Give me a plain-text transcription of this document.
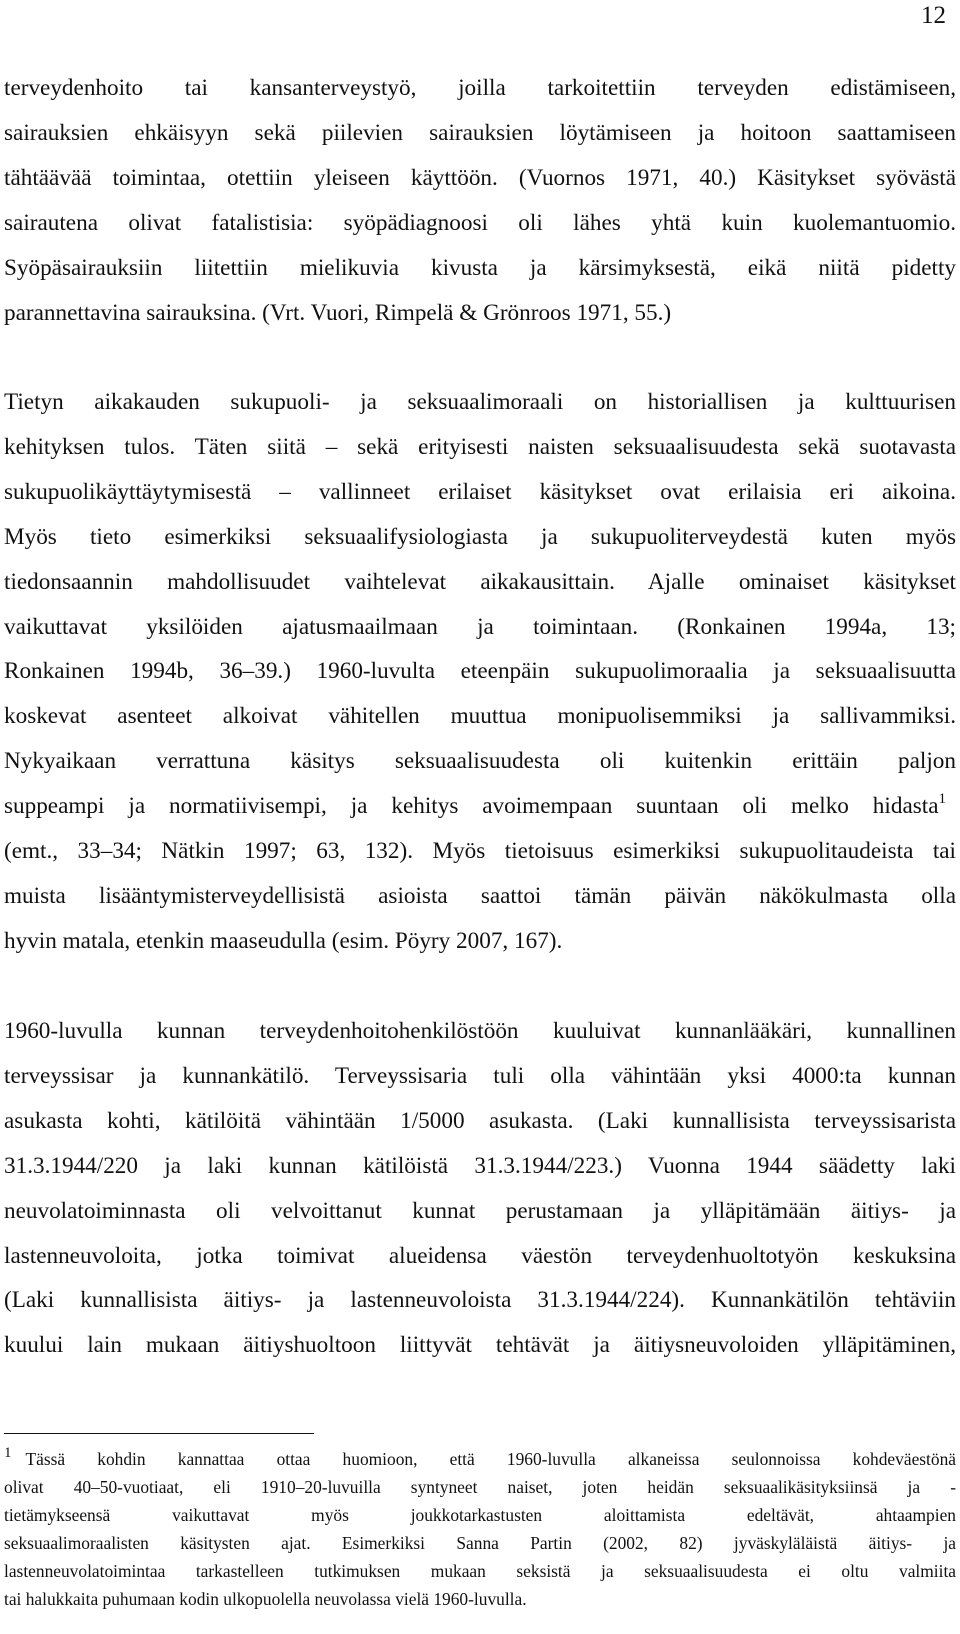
12
terveydenhoito tai kansanterveystyö, joilla tarkoitettiin terveyden edistämiseen,
sairauksien ehkäisyyn sekä piilevien sairauksien löytämiseen ja hoitoon saattamiseen
tähtäävää toimintaa, otettiin yleiseen käyttöön. (Vuornos 1971, 40.) Käsitykset syövästä
sairautena olivat fatalistisia: syöpädiagnoosi oli lähes yhtä kuin kuolemantuomio.
Syöpäsairauksiin liitettiin mielikuvia kivusta ja kärsimyksestä, eikä niitä pidetty
parannettavina sairauksina. (Vrt. Vuori, Rimpelä & Grönroos 1971, 55.)
Tietyn aikakauden sukupuoli- ja seksuaalimoraali on historiallisen ja kulttuurisen
kehityksen tulos. Täten siitä – sekä erityisesti naisten seksuaalisuudesta sekä suotavasta
sukupuolikäyttäytymisestä – vallinneet erilaiset käsitykset ovat erilaisia eri aikoina.
Myös tieto esimerkiksi seksuaalifysiologiasta ja sukupuoliterveydestä kuten myös
tiedonsaannin mahdollisuudet vaihtelevat aikakausittain. Ajalle ominaiset käsitykset
vaikuttavat yksilöiden ajatusmaailmaan ja toimintaan. (Ronkainen 1994a, 13;
Ronkainen 1994b, 36–39.) 1960-luvulta eteenpäin sukupuolimoraalia ja seksuaalisuutta
koskevat asenteet alkoivat vähitellen muuttua monipuolisemmiksi ja sallivammiksi.
Nykyaikaan verrattuna käsitys seksuaalisuudesta oli kuitenkin erittäin paljon
suppeampi ja normatiivisempi, ja kehitys avoimempaan suuntaan oli melko hidasta$^1$
(emt., 33–34; Nätkin 1997; 63, 132). Myös tietoisuus esimerkiksi sukupuolitaudeista tai
muista lisääntymisterveydellisistä asioista saattoi tämän päivän näkökulmasta olla
hyvin matala, etenkin maaseudulla (esim. Pöyry 2007, 167).
1960-luvulla kunnan terveydenhoitohenkilöstöön kuuluivat kunnanlääkäri, kunnallinen
terveyssisar ja kunnankätilö. Terveyssisaria tuli olla vähintään yksi 4000:ta kunnan
asukasta kohti, kätilöitä vähintään 1/5000 asukasta. (Laki kunnallisista terveyssisarista
31.3.1944/220 ja laki kunnan kätilöistä 31.3.1944/223.) Vuonna 1944 säädetty laki
neuvolatoiminnasta oli velvoittanut kunnat perustamaan ja ylläpitämään äitiys- ja
lastenneuvoloita, jotka toimivat alueidensa väestön terveydenhuoltotyön keskuksina
(Laki kunnallisista äitiys- ja lastenneuvoloista 31.3.1944/224). Kunnankätilön tehtäviin
kuului lain mukaan äitiyshuoltoon liittyvät tehtävät ja äitiysneuvoloiden ylläpitäminen,
1 Tässä kohdin kannattaa ottaa huomioon, että 1960-luvulla alkaneissa seulonnoissa kohdeväestönä
olivat 40–50-vuotiaat, eli 1910–20-luvuilla syntyneet naiset, joten heidän seksuaalikäsityksiinsä ja -
tietämykseensä vaikuttavat myös joukkotarkastusten aloittamista edeltävät, ahtaampien
seksuaalimoraalisten käsitysten ajat. Esimerkiksi Sanna Partin (2002, 82) jyväskyläläistä äitiys- ja
lastenneuvolatoimintaa tarkastelleen tutkimuksen mukaan seksistä ja seksuaalisuudesta ei oltu valmiita
tai halukkaita puhumaan kodin ulkopuolella neuvolassa vielä 1960-luvulla.
